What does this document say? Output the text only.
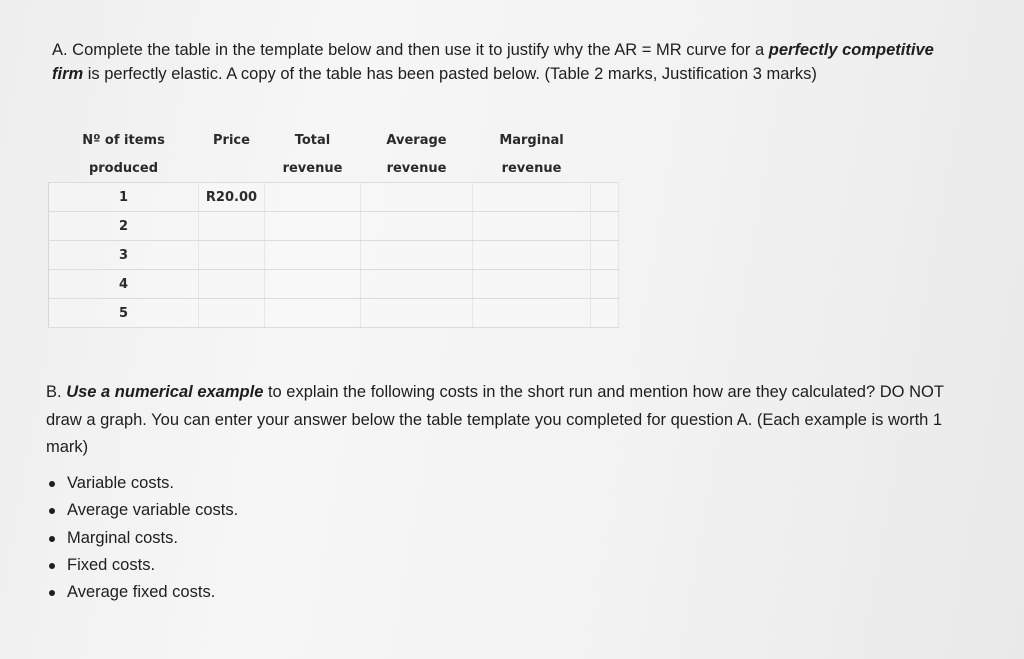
A. Complete the table in the template below and then use it to justify why the AR = MR curve for a perfectly competitive firm is perfectly elastic. A copy of the table has been pasted below. (Table 2 marks, Justification 3 marks)

Nº of items	Price	Total	Average	Marginal	
produced		revenue	revenue	revenue	
1	R20.00				
2					
3					
4					
5					

B. Use a numerical example to explain the following costs in the short run and mention how are they calculated? DO NOT draw a graph. You can enter your answer below the table template you completed for question A. (Each example is worth 1 mark)

Variable costs.
Average variable costs.
Marginal costs.
Fixed costs.
Average fixed costs.
